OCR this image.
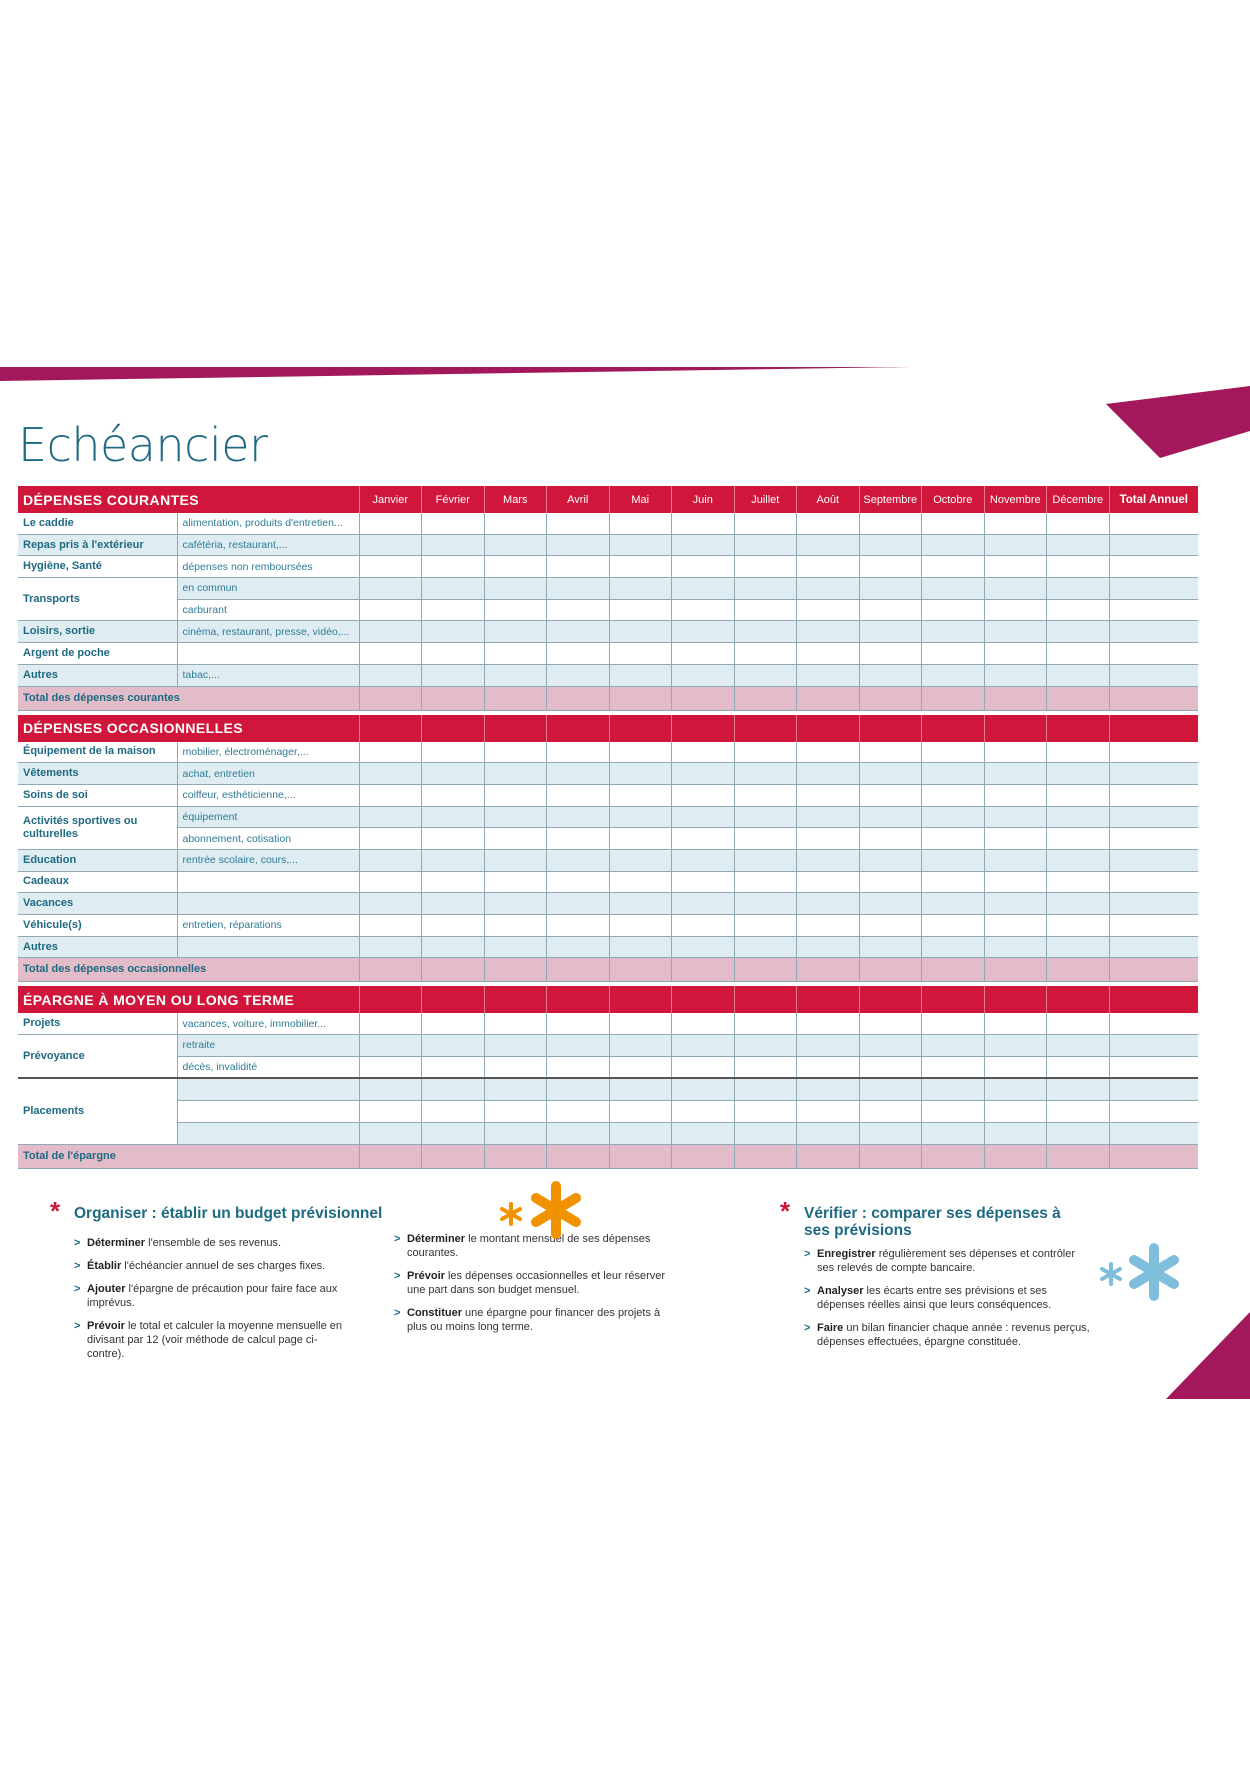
Echéancier
DÉPENSES COURANTES		Janvier	Février	Mars	Avril	Mai	Juin	Juillet	Août	Septembre	Octobre	Novembre	Décembre	Total Annuel
Le caddie	alimentation, produits d'entretien...													
Repas pris à l'extérieur	cafétéria, restaurant,...													
Hygiène, Santé	dépenses non remboursées													
Transports	en commun													
	carburant													
Loisirs, sortie	cinéma, restaurant, presse, vidéo,...													
Argent de poche														
Autres	tabac,...													
Total des dépenses courantes														

DÉPENSES OCCASIONNELLES														
Équipement de la maison	mobilier, électroménager,...													
Vêtements	achat, entretien													
Soins de soi	coiffeur, esthéticienne,...													
Activités sportives ou culturelles	équipement													
	abonnement, cotisation													
Education	rentrée scolaire, cours,...													
Cadeaux														
Vacances														
Véhicule(s)	entretien, réparations													
Autres														
Total des dépenses occasionnelles														

ÉPARGNE À MOYEN OU LONG TERME														
Projets	vacances, voiture, immobilier...													
Prévoyance	retraite													
	décès, invalidité													
Placements														

Total de l'épargne														
* Organiser : établir un budget prévisionnel
> Déterminer l'ensemble de ses revenus.
> Établir l'échéancier annuel de ses charges fixes.
> Ajouter l'épargne de précaution pour faire face aux imprévus.
> Prévoir le total et calculer la moyenne mensuelle en divisant par 12 (voir méthode de calcul page ci-contre).
> Déterminer le montant mensuel de ses dépenses courantes.
> Prévoir les dépenses occasionnelles et leur réserver une part dans son budget mensuel.
> Constituer une épargne pour financer des projets à plus ou moins long terme.
* Vérifier : comparer ses dépenses à ses prévisions
> Enregistrer régulièrement ses dépenses et contrôler ses relevés de compte bancaire.
> Analyser les écarts entre ses prévisions et ses dépenses réelles ainsi que leurs conséquences.
> Faire un bilan financier chaque année : revenus perçus, dépenses effectuées, épargne constituée.
